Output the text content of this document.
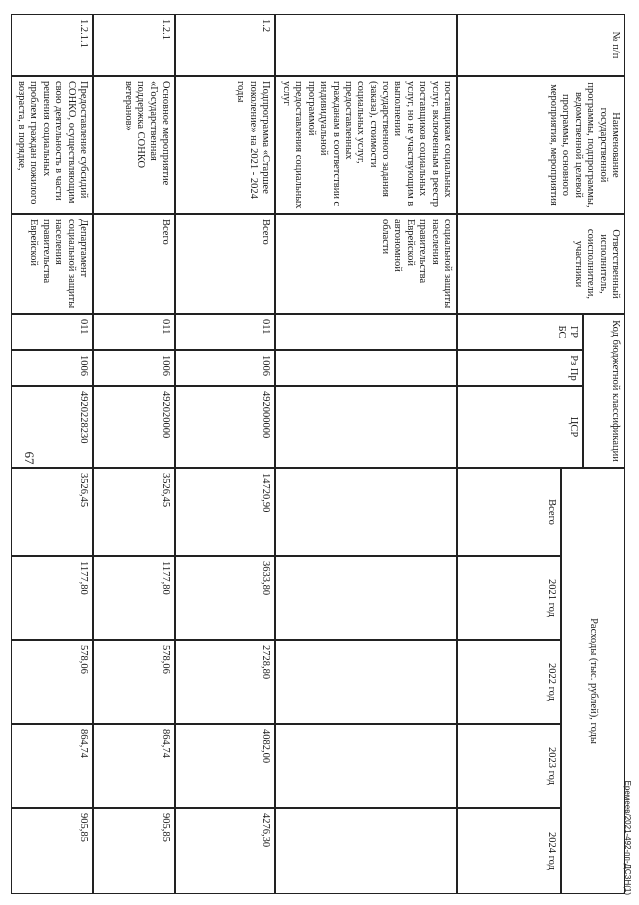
67
Еремеев/2021-492-пп-ДСЗН(1)
№ п/п
Наименование государственной программы, подпрограммы, ведомственной целевой программы, основного мероприятия, мероприятия
Ответственный исполнитель, соисполнители, участники
Код бюджетной классификации
ГР БС
Рз Пр
ЦСР
Расходы (тыс. рублей), годы
Всего
2021 год
2022 год
2023 год
2024 год
поставщикам социальных услуг, включенным в реестр поставщиков социальных услуг, но не участвующим в выполнении государственного задания (заказа), стоимости социальных услуг, предоставленных гражданам в соответствии с индивидуальной программой предоставления социальных услуг
социальной защиты населения правительства Еврейской автономной области
1.2
Подпрограмма «Старшее поколение» на 2021 - 2024 годы
Всего
011
1006
492000000
14720,90
3633,80
2728,80
4082,00
4276,30
1.2.1
Основное мероприятие «Государственная поддержка СОНКО ветеранов»
Всего
011
1006
492020000
3526,45
1177,80
578,06
864,74
905,85
1.2.1.1
Предоставление субсидий СОНКО, осуществляющим свою деятельность в части решения социальных проблем граждан пожилого возраста, в порядке,
Департамент социальной защиты населения правительства Еврейской
011
1006
4920228230
3526,45
1177,80
578,06
864,74
905,85
